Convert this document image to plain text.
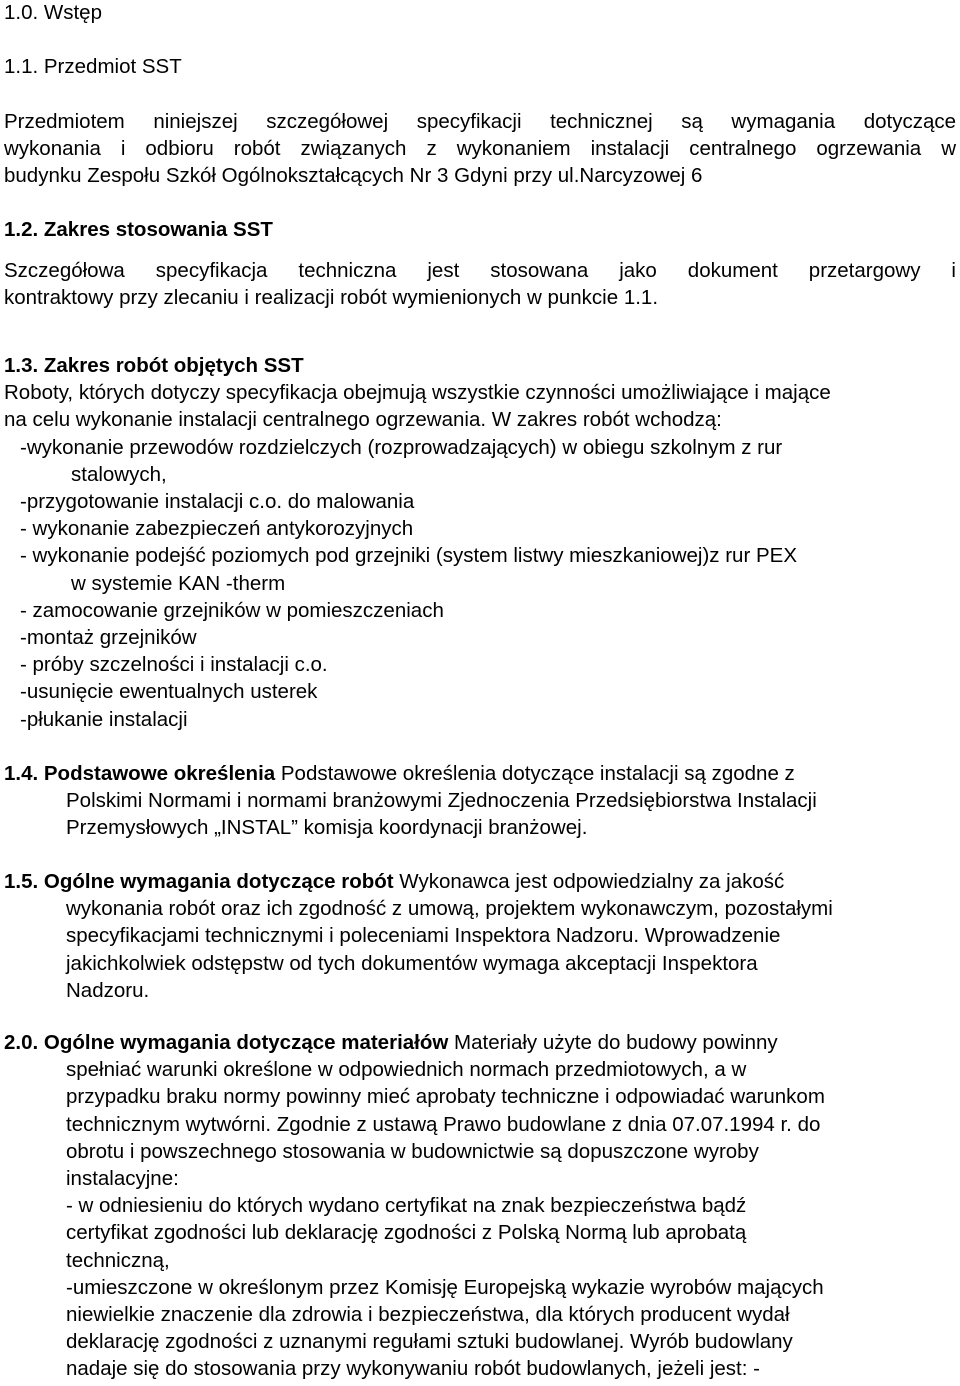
1.0. Wstęp
1.1. Przedmiot SST
Przedmiotem niniejszej szczegółowej specyfikacji technicznej są wymagania dotyczące
wykonania i odbioru robót związanych z wykonaniem instalacji centralnego ogrzewania w
budynku Zespołu Szkół Ogólnokształcących Nr 3 Gdyni przy ul.Narcyzowej 6
1.2. Zakres stosowania SST
Szczegółowa specyfikacja techniczna jest stosowana jako dokument przetargowy i
kontraktowy przy zlecaniu i realizacji robót wymienionych w punkcie 1.1.
1.3. Zakres robót objętych SST
Roboty, których dotyczy specyfikacja obejmują wszystkie czynności umożliwiające i mające
na celu wykonanie instalacji centralnego ogrzewania. W zakres robót wchodzą:
-wykonanie przewodów rozdzielczych (rozprowadzających) w obiegu szkolnym z rur
stalowych,
-przygotowanie instalacji c.o. do malowania
- wykonanie zabezpieczeń antykorozyjnych
- wykonanie podejść poziomych pod grzejniki (system listwy mieszkaniowej)z rur PEX
w systemie KAN -therm
- zamocowanie grzejników w pomieszczeniach
-montaż grzejników
- próby szczelności i instalacji c.o.
-usunięcie ewentualnych usterek
-płukanie instalacji
1.4. Podstawowe określenia Podstawowe określenia dotyczące instalacji są zgodne z
Polskimi Normami i normami branżowymi Zjednoczenia Przedsiębiorstwa Instalacji
Przemysłowych „INSTAL” komisja koordynacji branżowej.
1.5. Ogólne wymagania dotyczące robót Wykonawca jest odpowiedzialny za jakość
wykonania robót oraz ich zgodność z umową, projektem wykonawczym, pozostałymi
specyfikacjami technicznymi i poleceniami Inspektora Nadzoru. Wprowadzenie
jakichkolwiek odstępstw od tych dokumentów wymaga akceptacji Inspektora
Nadzoru.
2.0. Ogólne wymagania dotyczące materiałów Materiały użyte do budowy powinny
spełniać warunki określone w odpowiednich normach przedmiotowych, a w
przypadku braku normy powinny mieć aprobaty techniczne i odpowiadać warunkom
technicznym wytwórni. Zgodnie z ustawą Prawo budowlane z dnia 07.07.1994 r. do
obrotu i powszechnego stosowania w budownictwie są dopuszczone wyroby
instalacyjne:
- w odniesieniu do których wydano certyfikat na znak bezpieczeństwa bądź
certyfikat zgodności lub deklarację zgodności z Polską Normą lub aprobatą
techniczną,
-umieszczone w określonym przez Komisję Europejską wykazie wyrobów mających
niewielkie znaczenie dla zdrowia i bezpieczeństwa, dla których producent wydał
deklarację zgodności z uznanymi regułami sztuki budowlanej. Wyrób budowlany
nadaje się do stosowania przy wykonywaniu robót budowlanych, jeżeli jest: -
